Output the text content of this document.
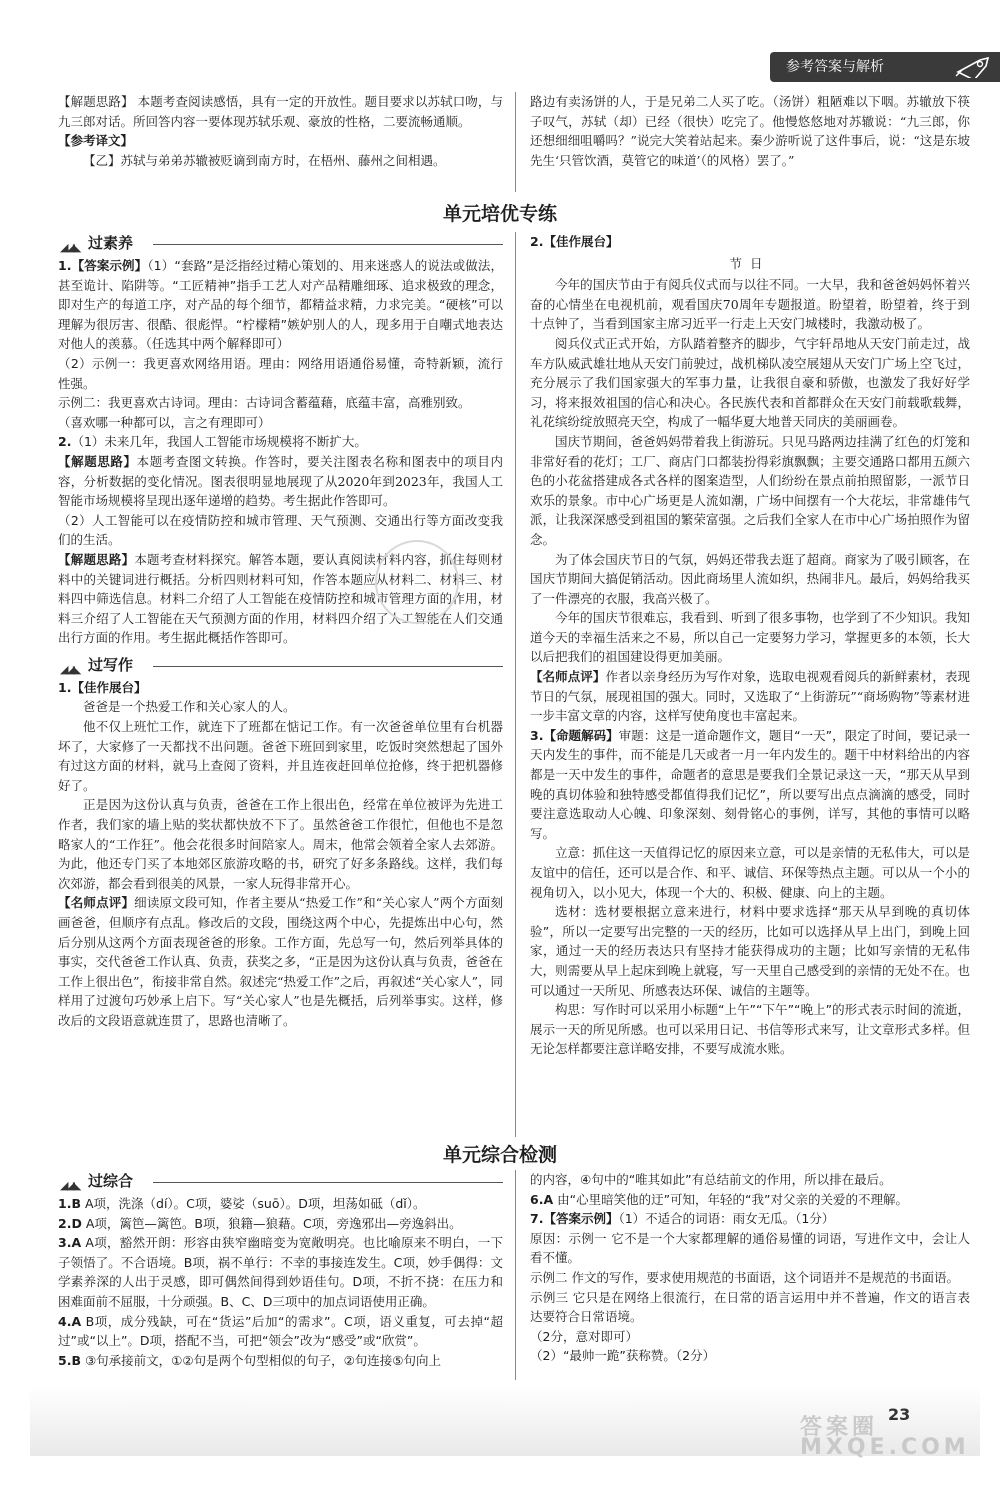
参考答案与解析

【解题思路】 本题考查阅读感悟，具有一定的开放性。题目要求以苏轼口吻，与九三郎对话。所回答内容一要体现苏轼乐观、豪放的性格，二要流畅通顺。

【参考译文】

【乙】苏轼与弟弟苏辙被贬谪到南方时，在梧州、藤州之间相遇。

路边有卖汤饼的人，于是兄弟二人买了吃。（汤饼）粗陋难以下咽。苏辙放下筷子叹气，苏轼（却）已经（很快）吃完了。他慢悠悠地对苏辙说：“九三郎，你还想细细咀嚼吗？”说完大笑着站起来。秦少游听说了这件事后，说：“这是东坡先生‘只管饮酒，莫管它的味道’（的风格）罢了。”

单元培优专练
◢◢◣ 过素养

1.【答案示例】（1）“套路”是泛指经过精心策划的、用来迷惑人的说法或做法，甚至诡计、陷阱等。“工匠精神”指手工艺人对产品精雕细琢、追求极致的理念，即对生产的每道工序，对产品的每个细节，都精益求精，力求完美。“硬核”可以理解为很厉害、很酷、很彪悍。“柠檬精”嫉妒别人的人，现多用于自嘲式地表达对他人的羡慕。（任选其中两个解释即可）

（2）示例一：我更喜欢网络用语。理由：网络用语通俗易懂，奇特新颖，流行性强。

示例二：我更喜欢古诗词。理由：古诗词含蓄蕴藉，底蕴丰富，高雅别致。

（喜欢哪一种都可以，言之有理即可）

2.（1）未来几年，我国人工智能市场规模将不断扩大。

【解题思路】本题考查图文转换。作答时，要关注图表名称和图表中的项目内容，分析数据的变化情况。图表很明显地展现了从2020年到2023年，我国人工智能市场规模将呈现出逐年递增的趋势。考生据此作答即可。

（2）人工智能可以在疫情防控和城市管理、天气预测、交通出行等方面改变我们的生活。

【解题思路】本题考查材料探究。解答本题，要认真阅读材料内容，抓住每则材料中的关键词进行概括。分析四则材料可知，作答本题应从材料二、材料三、材料四中筛选信息。材料二介绍了人工智能在疫情防控和城市管理方面的作用，材料三介绍了人工智能在天气预测方面的作用，材料四介绍了人工智能在人们交通出行方面的作用。考生据此概括作答即可。

◢◢◣ 过写作

1.【佳作展台】

爸爸是一个热爱工作和关心家人的人。

他不仅上班忙工作，就连下了班都在惦记工作。有一次爸爸单位里有台机器坏了，大家修了一天都找不出问题。爸爸下班回到家里，吃饭时突然想起了国外有过这方面的材料，就马上查阅了资料，并且连夜赶回单位抢修，终于把机器修好了。

正是因为这份认真与负责，爸爸在工作上很出色，经常在单位被评为先进工作者，我们家的墙上贴的奖状都快放不下了。虽然爸爸工作很忙，但他也不是忽略家人的“工作狂”。他会花很多时间陪家人。周末，他常会领着全家人去郊游。为此，他还专门买了本地郊区旅游攻略的书，研究了好多条路线。这样，我们每次郊游，都会看到很美的风景，一家人玩得非常开心。

【名师点评】细读原文段可知，作者主要从“热爱工作”和“关心家人”两个方面刻画爸爸，但顺序有点乱。修改后的文段，围绕这两个中心，先提炼出中心句，然后分别从这两个方面表现爸爸的形象。工作方面，先总写一句，然后列举具体的事实，交代爸爸工作认真、负责，获奖之多，“正是因为这份认真与负责，爸爸在工作上很出色”，衔接非常自然。叙述完“热爱工作”之后，再叙述“关心家人”，同样用了过渡句巧妙承上启下。写“关心家人”也是先概括，后列举事实。这样，修改后的文段语意就连贯了，思路也清晰了。

2.【佳作展台】

节日

今年的国庆节由于有阅兵仪式而与以往不同。一大早，我和爸爸妈妈怀着兴奋的心情坐在电视机前，观看国庆70周年专题报道。盼望着，盼望着，终于到十点钟了，当看到国家主席习近平一行走上天安门城楼时，我激动极了。

阅兵仪式正式开始，方队踏着整齐的脚步，气宇轩昂地从天安门前走过，战车方队威武雄壮地从天安门前驶过，战机梯队凌空展翅从天安门广场上空飞过，充分展示了我们国家强大的军事力量，让我很自豪和骄傲，也激发了我好好学习，将来报效祖国的信心和决心。各民族代表和首都群众在天安门前载歌载舞，礼花缤纷绽放照亮天空，构成了一幅华夏大地普天同庆的美丽画卷。

国庆节期间，爸爸妈妈带着我上街游玩。只见马路两边挂满了红色的灯笼和非常好看的花灯；工厂、商店门口都装扮得彩旗飘飘；主要交通路口都用五颜六色的小花盆搭建成各式各样的图案造型，人们纷纷在景点前拍照留影，一派节日欢乐的景象。市中心广场更是人流如潮，广场中间摆有一个大花坛，非常雄伟气派，让我深深感受到祖国的繁荣富强。之后我们全家人在市中心广场拍照作为留念。

为了体会国庆节日的气氛，妈妈还带我去逛了超商。商家为了吸引顾客，在国庆节期间大搞促销活动。因此商场里人流如织，热闹非凡。最后，妈妈给我买了一件漂亮的衣服，我高兴极了。

今年的国庆节很难忘，我看到、听到了很多事物，也学到了不少知识。我知道今天的幸福生活来之不易，所以自己一定要努力学习，掌握更多的本领，长大以后把我们的祖国建设得更加美丽。

【名师点评】作者以亲身经历为写作对象，选取电视观看阅兵的新鲜素材，表现节日的气氛，展现祖国的强大。同时，又选取了“上街游玩”“商场购物”等素材进一步丰富文章的内容，这样写使角度也丰富起来。

3.【命题解码】审题：这是一道命题作文，题目“一天”，限定了时间，要记录一天内发生的事件，而不能是几天或者一月一年内发生的。题干中材料给出的内容都是一天中发生的事件，命题者的意思是要我们全景记录这一天，“那天从早到晚的真切体验和独特感受都值得我们记忆”，所以要写出点点滴滴的感受，同时要注意选取动人心魄、印象深刻、刻骨铭心的事例，详写，其他的事情可以略写。

立意：抓住这一天值得记忆的原因来立意，可以是亲情的无私伟大，可以是友谊中的信任，还可以是合作、和平、诚信、环保等热点主题。可以从一个小的视角切入，以小见大，体现一个大的、积极、健康、向上的主题。

选材：选材要根据立意来进行，材料中要求选择“那天从早到晚的真切体验”，所以一定要写出完整的一天的经历，比如可以选择从早上出门，到晚上回家，通过一天的经历表达只有坚持才能获得成功的主题；比如写亲情的无私伟大，则需要从早上起床到晚上就寝，写一天里自己感受到的亲情的无处不在。也可以通过一天所见、所感表达环保、诚信的主题等。

构思：写作时可以采用小标题“上午”“下午”“晚上”的形式表示时间的流逝，展示一天的所见所感。也可以采用日记、书信等形式来写，让文章形式多样。但无论怎样都要注意详略安排，不要写成流水账。

单元综合检测
◢◢◣ 过综合

1.B A项，洗涤（dí）。C项，婆娑（suō）。D项，坦荡如砥（dǐ）。

2.D A项，篱笆—篱笆。B项，狼籍—狼藉。C项，旁逸邪出—旁逸斜出。

3.A A项，豁然开朗：形容由狭窄幽暗变为宽敞明亮。也比喻原来不明白，一下子领悟了。不合语境。B项，祸不单行：不幸的事接连发生。C项，妙手偶得：文学素养深的人出于灵感，即可偶然间得到妙语佳句。D项，不折不挠：在压力和困难面前不屈服，十分顽强。B、C、D三项中的加点词语使用正确。

4.A B项，成分残缺，可在“货运”后加“的需求”。C项，语义重复，可去掉“超过”或“以上”。D项，搭配不当，可把“领会”改为“感受”或“欣赏”。

5.B ③句承接前文，①②句是两个句型相似的句子，②句连接⑤句向上

的内容，④句中的“唯其如此”有总结前文的作用，所以排在最后。

6.A 由“心里暗笑他的迂”可知，年轻的“我”对父亲的关爱的不理解。

7.【答案示例】（1）不适合的词语：雨女无瓜。（1分）

原因：示例一 它不是一个大家都理解的通俗易懂的词语，写进作文中，会让人看不懂。

示例二 作文的写作，要求使用规范的书面语，这个词语并不是规范的书面语。

示例三 它只是在网络上很流行，在日常的语言运用中并不普遍，作文的语言表达要符合日常语境。

（2分，意对即可）

（2）“最帅一跪”获称赞。（2分）

23
答案圈 MXQE.COM
